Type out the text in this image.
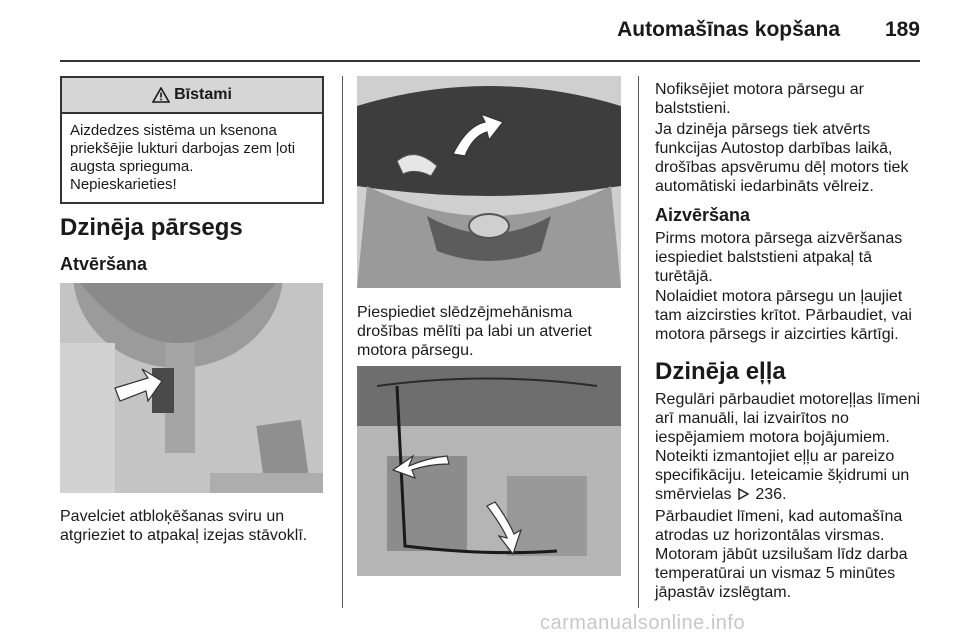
Automašīnas kopšana 189
Bīstami
Aizdedzes sistēma un ksenona
priekšējie lukturi darbojas zem ļoti
augsta sprieguma.
Nepieskarieties!
Dzinēja pārsegs
Atvēršana
Pavelciet atbloķēšanas sviru un
atgrieziet to atpakaļ izejas stāvoklī.
Piespiediet slēdzējmehānisma
drošības mēlīti pa labi un atveriet
motora pārsegu.
Nofiksējiet motora pārsegu ar
balststieni.
Ja dzinēja pārsegs tiek atvērts
funkcijas Autostop darbības laikā,
drošības apsvērumu dēļ motors tiek
automātiski iedarbināts vēlreiz.
Aizvēršana
Pirms motora pārsega aizvēršanas
iespiediet balststieni atpakaļ tā
turētājā.
Nolaidiet motora pārsegu un ļaujiet
tam aizcirsties krītot. Pārbaudiet, vai
motora pārsegs ir aizcirties kārtīgi.
Dzinēja eļļa
Regulāri pārbaudiet motoreļļas līmeni
arī manuāli, lai izvairītos no
iespējamiem motora bojājumiem.
Noteikti izmantojiet eļļu ar pareizo
specifikāciju. Ieteicamie šķidrumi un
smērvielas 236.
Pārbaudiet līmeni, kad automašīna
atrodas uz horizontālas virsmas.
Motoram jābūt uzsilušam līdz darba
temperatūrai un vismaz 5 minūtes
jāpastāv izslēgtam.
carmanualsonline.info
